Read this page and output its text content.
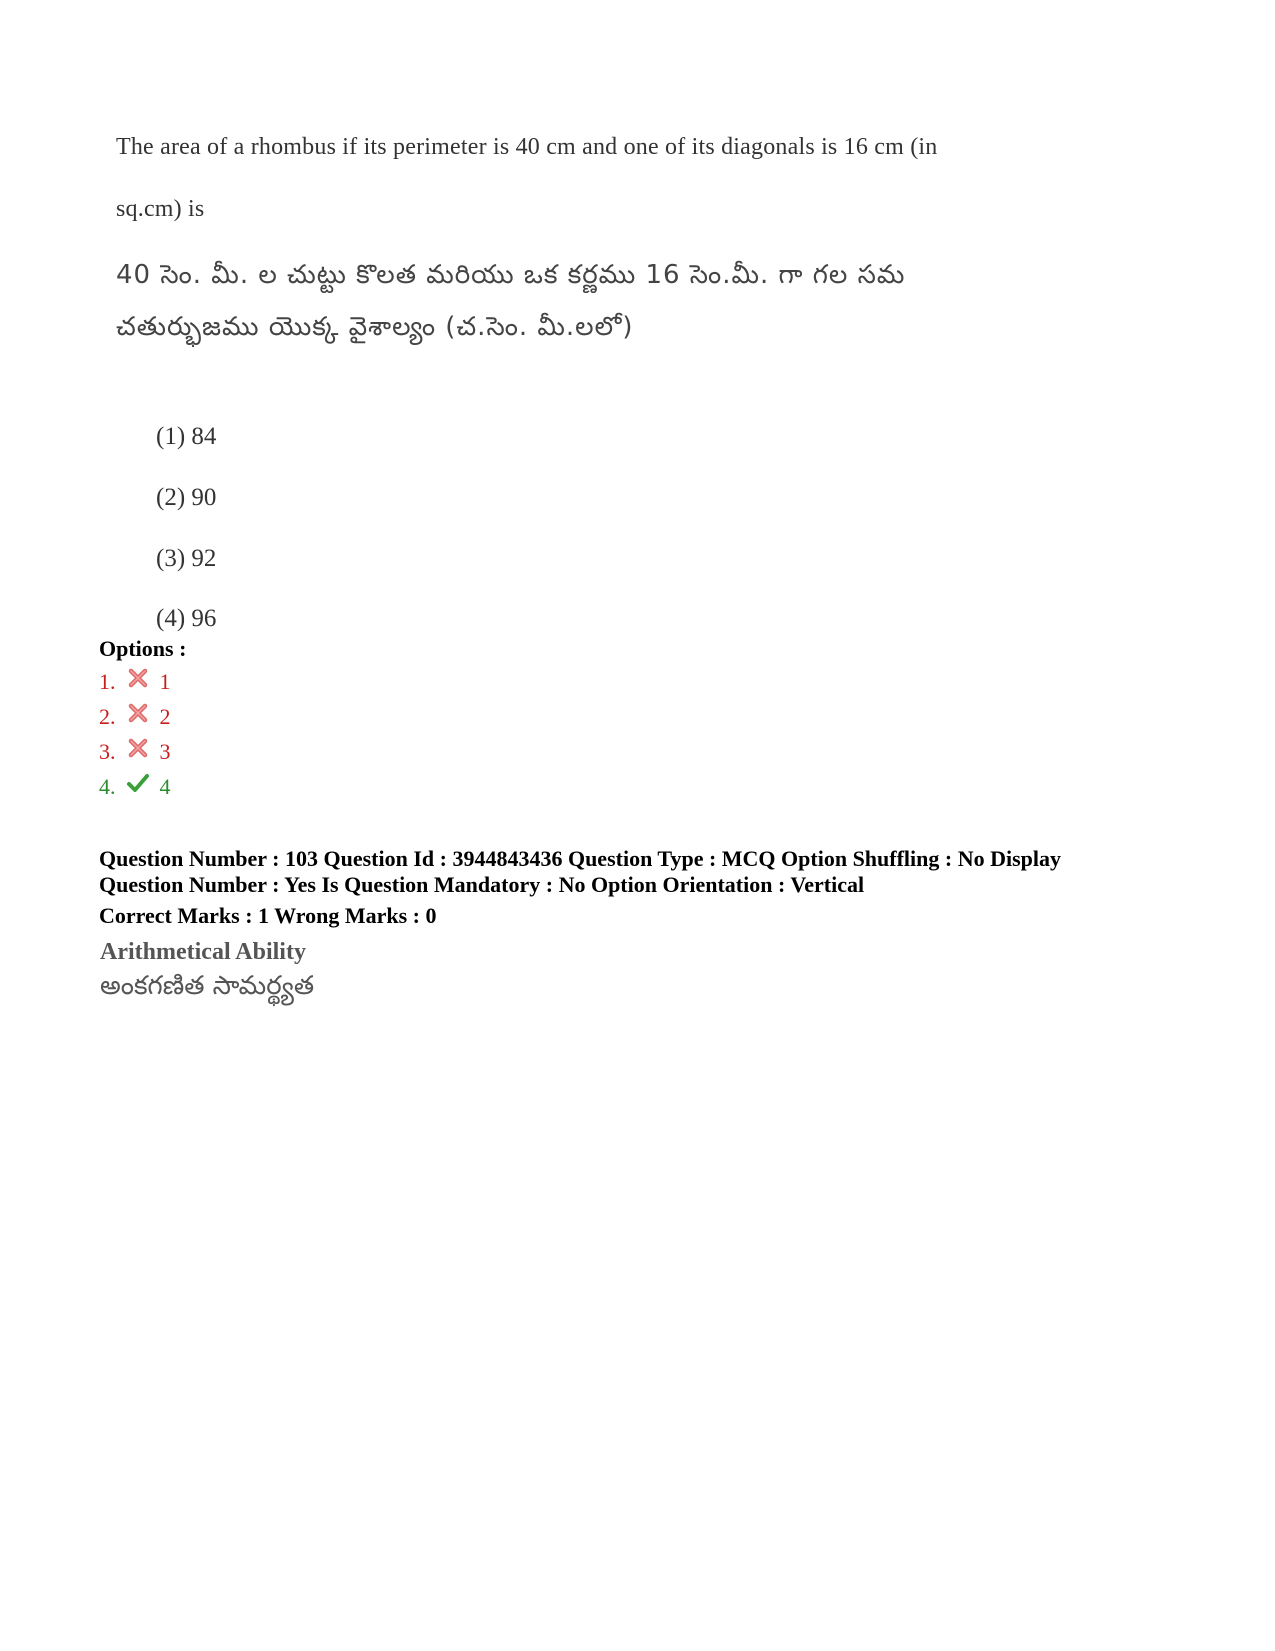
The area of a rhombus if its perimeter is 40 cm and one of its diagonals is 16 cm (in
sq.cm) is
40 సెం. మీ. ల చుట్టు కొలత మరియు ఒక కర్ణము 16 సెం.మీ. గా గల సమ
చతుర్భుజము యొక్క వైశాల్యం (చ.సెం. మీ.లలో)
(1) 84
(2) 90
(3) 92
(4) 96
Options :
1. 1
2. 2
3. 3
4. 4
Question Number : 103 Question Id : 3944843436 Question Type : MCQ Option Shuffling : No Display
Question Number : Yes Is Question Mandatory : No Option Orientation : Vertical
Correct Marks : 1 Wrong Marks : 0
Arithmetical Ability
అంకగణిత సామర్థ్యత
